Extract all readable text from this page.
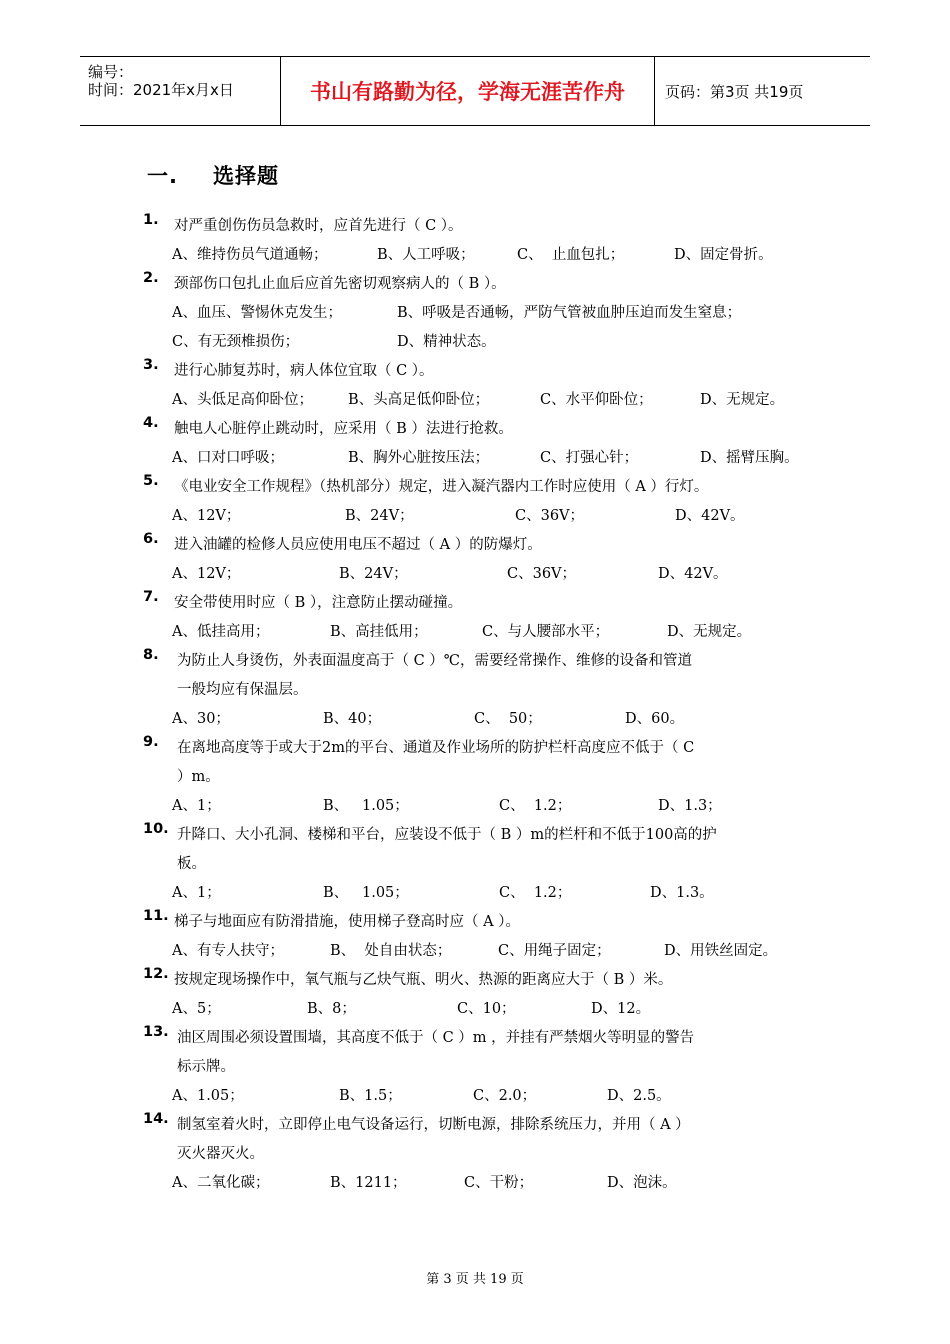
编号：
时间：2021年x月x日	书山有路勤为径，学海无涯苦作舟	页码：第3页 共19页
一. 选择题
1.	对严重创伤伤员急救时，应首先进行（ C ）。
A、维持伤员气道通畅；	B、人工呼吸；	C、  止血包扎；	D、固定骨折。
2.	颈部伤口包扎止血后应首先密切观察病人的（ B ）。
A、血压、警惕休克发生；	B、呼吸是否通畅，严防气管被血肿压迫而发生窒息；
C、有无颈椎损伤；	D、精神状态。
3.	进行心肺复苏时，病人体位宜取（ C ）。
A、头低足高仰卧位；	B、头高足低仰卧位；	C、水平仰卧位；	D、无规定。
4.	触电人心脏停止跳动时，应采用（ B ）法进行抢救。
A、口对口呼吸；	B、胸外心脏按压法；	C、打强心针；	D、摇臂压胸。
5.	《电业安全工作规程》（热机部分）规定，进入凝汽器内工作时应使用（ A ）行灯。
A、12V；	B、24V；	C、36V；	D、42V。
6.	进入油罐的检修人员应使用电压不超过（ A ）的防爆灯。
A、12V；	B、24V；	C、36V；	D、42V。
7.	安全带使用时应（ B ），注意防止摆动碰撞。
A、低挂高用；	B、高挂低用；	C、与人腰部水平；	D、无规定。
8.	为防止人身烫伤，外表面温度高于（ C ）℃，需要经常操作、维修的设备和管道
一般均应有保温层。
A、30；	B、40；	C、  50；	D、60。
9.	在离地高度等于或大于2m的平台、通道及作业场所的防护栏杆高度应不低于（ C
）m。
A、1；	B、   1.05；	C、  1.2；	D、1.3；
10. 升降口、大小孔洞、楼梯和平台，应装设不低于（ B ）m的栏杆和不低于100高的护
板。
A、1；	B、   1.05；	C、  1.2；	D、1.3。
11. 梯子与地面应有防滑措施，使用梯子登高时应（ A ）。
A、有专人扶守；	B、  处自由状态；	C、用绳子固定；	D、用铁丝固定。
12. 按规定现场操作中，氧气瓶与乙炔气瓶、明火、热源的距离应大于（ B ）米。
A、5；	B、8；	C、10；	D、12。
13. 油区周围必须设置围墙，其高度不低于（ C ）m ，并挂有严禁烟火等明显的警告
标示牌。
A、1.05；	B、1.5；	C、2.0；	D、2.5。
14. 制氢室着火时，立即停止电气设备运行，切断电源，排除系统压力，并用（ A ）
灭火器灭火。
A、二氧化碳；	B、1211；	C、干粉；	D、泡沫。
第 3 页 共 19 页
